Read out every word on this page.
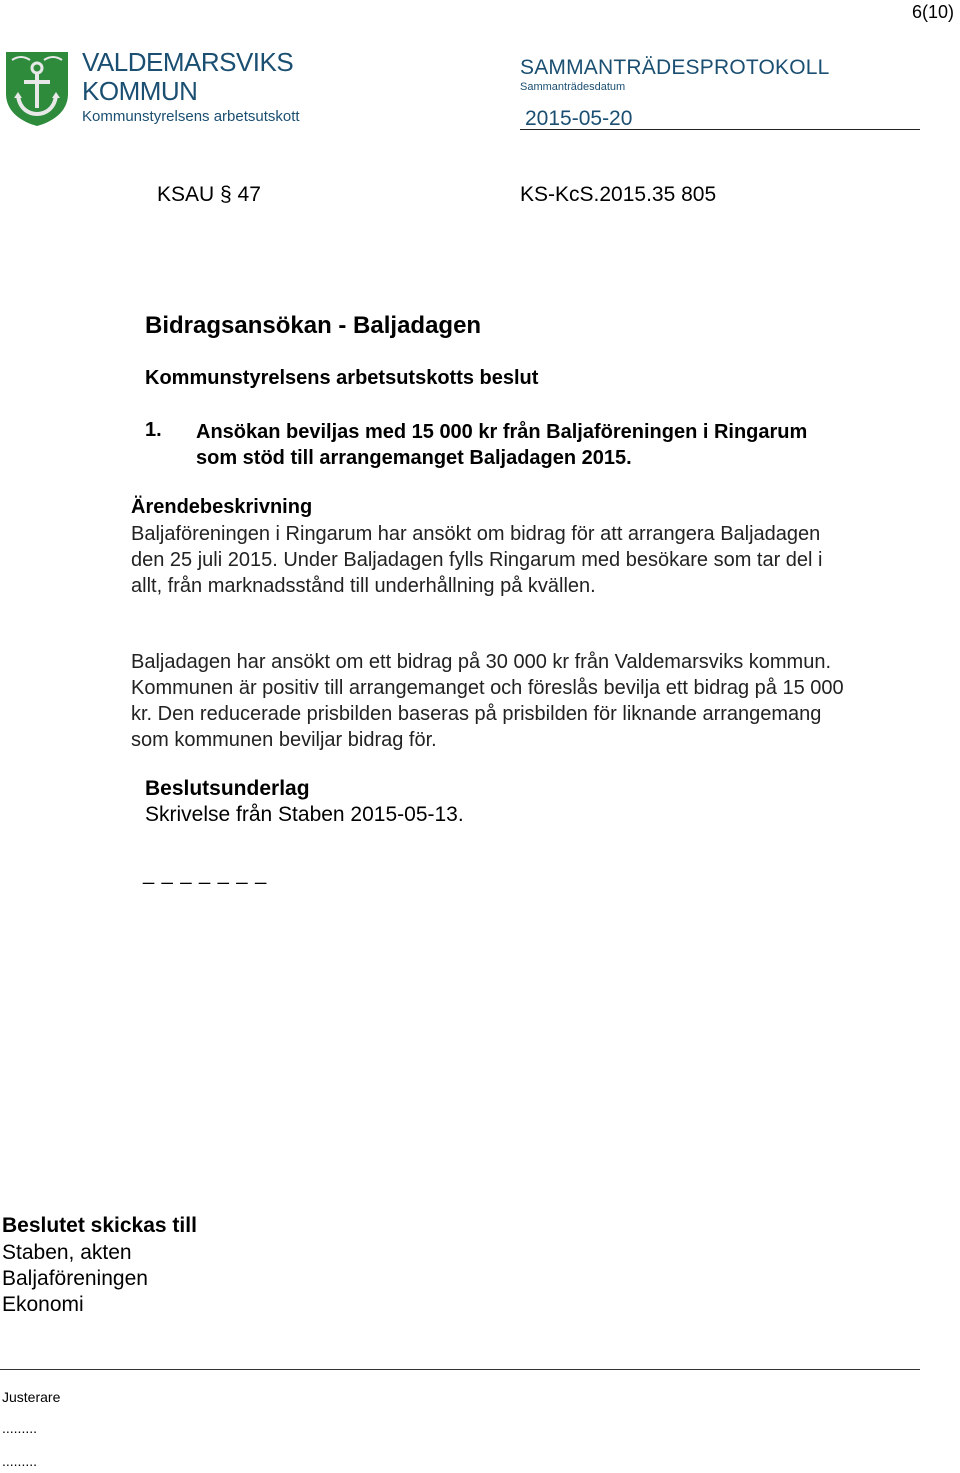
6(10)
VALDEMARSVIKS
KOMMUN
Kommunstyrelsens arbetsutskott
SAMMANTRÄDESPROTOKOLL
Sammanträdesdatum
2015-05-20
KSAU § 47	KS-KcS.2015.35 805
Bidragsansökan - Baljadagen
Kommunstyrelsens arbetsutskotts beslut
1. Ansökan beviljas med 15 000 kr från Baljaföreningen i Ringarum som stöd till arrangemanget Baljadagen 2015.
Ärendebeskrivning
Baljaföreningen i Ringarum har ansökt om bidrag för att arrangera Baljadagen den 25 juli 2015. Under Baljadagen fylls Ringarum med besökare som tar del i allt, från marknadsstånd till underhållning på kvällen.
Baljadagen har ansökt om ett bidrag på 30 000 kr från Valdemarsviks kommun. Kommunen är positiv till arrangemanget och föreslås bevilja ett bidrag på 15 000 kr. Den reducerade prisbilden baseras på prisbilden för liknande arrangemang som kommunen beviljar bidrag för.
Beslutsunderlag
Skrivelse från Staben 2015-05-13.
_ _ _ _ _ _ _
Beslutet skickas till
Staben, akten
Baljaföreningen
Ekonomi
Justerare
.........
.........
